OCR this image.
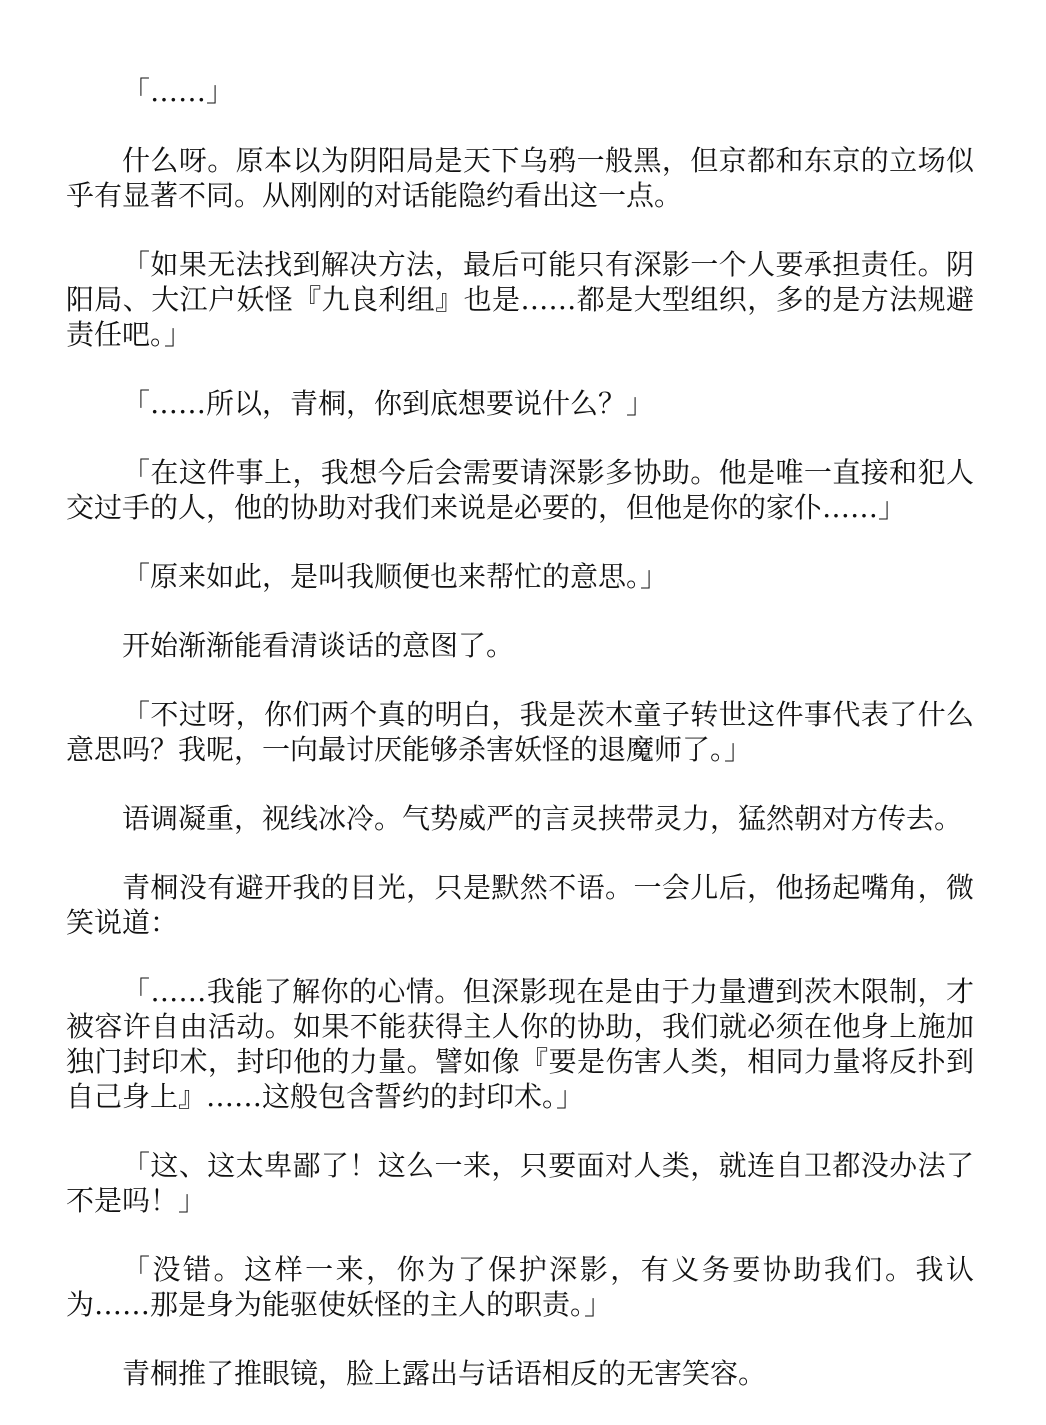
「……」

什么呀。原本以为阴阳局是天下乌鸦一般黑，但京都和东京的立场似乎有显著不同。从刚刚的对话能隐约看出这一点。

「如果无法找到解决方法，最后可能只有深影一个人要承担责任。阴阳局、大江户妖怪『九良利组』也是……都是大型组织，多的是方法规避责任吧。」

「……所以，青桐，你到底想要说什么？」

「在这件事上，我想今后会需要请深影多协助。他是唯一直接和犯人交过手的人，他的协助对我们来说是必要的，但他是你的家仆……」

「原来如此，是叫我顺便也来帮忙的意思。」

开始渐渐能看清谈话的意图了。

「不过呀，你们两个真的明白，我是茨木童子转世这件事代表了什么意思吗？我呢，一向最讨厌能够杀害妖怪的退魔师了。」

语调凝重，视线冰冷。气势威严的言灵挟带灵力，猛然朝对方传去。

青桐没有避开我的目光，只是默然不语。一会儿后，他扬起嘴角，微笑说道：

「……我能了解你的心情。但深影现在是由于力量遭到茨木限制，才被容许自由活动。如果不能获得主人你的协助，我们就必须在他身上施加独门封印术，封印他的力量。譬如像『要是伤害人类，相同力量将反扑到自己身上』……这般包含誓约的封印术。」

「这、这太卑鄙了！这么一来，只要面对人类，就连自卫都没办法了不是吗！」

「没错。这样一来，你为了保护深影，有义务要协助我们。我认为……那是身为能驱使妖怪的主人的职责。」

青桐推了推眼镜，脸上露出与话语相反的无害笑容。
